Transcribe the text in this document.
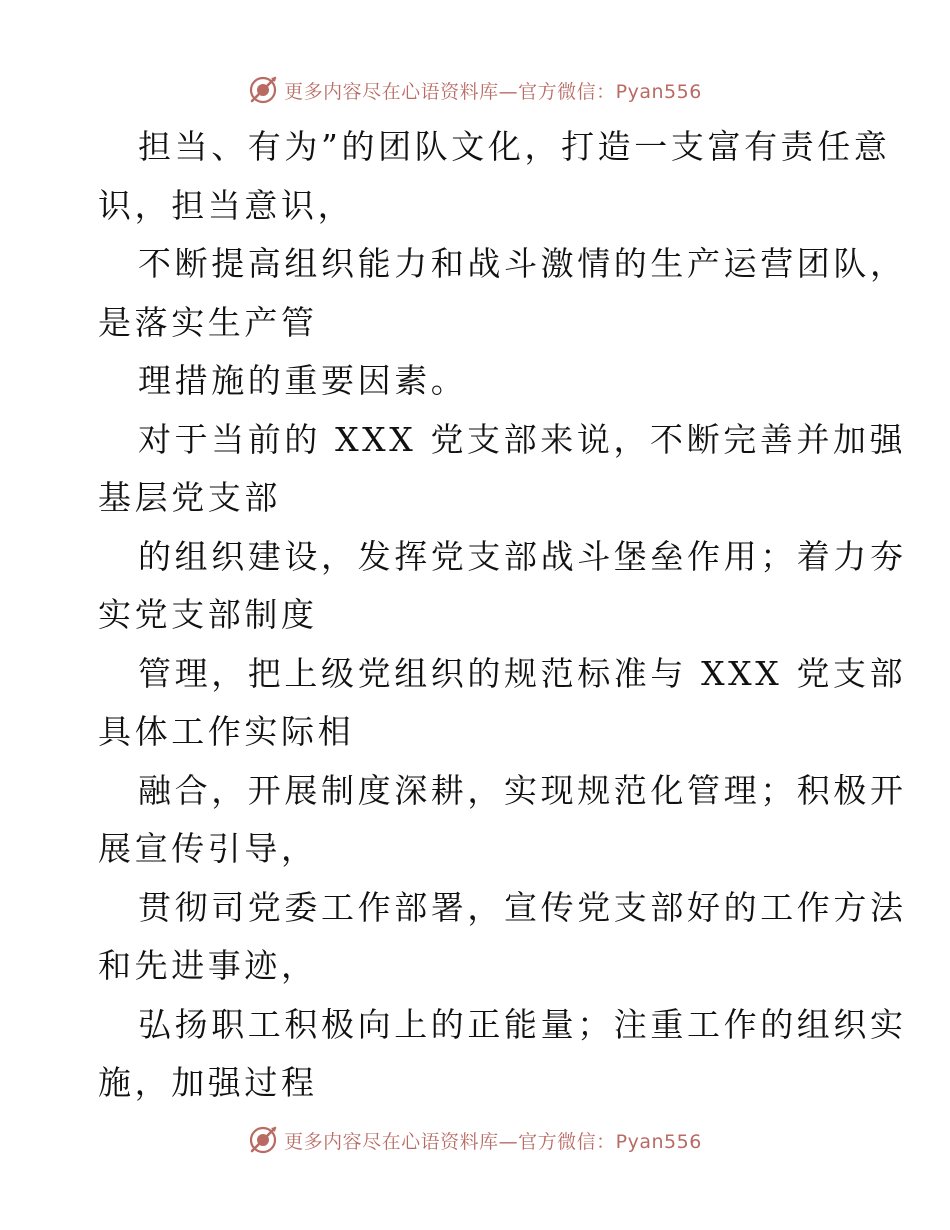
更多内容尽在心语资料库—官方微信：Pyan556
担当、有为”的团队文化，打造一支富有责任意
识，担当意识，
不断提高组织能力和战斗激情的生产运营团队，
是落实生产管
理措施的重要因素。
对于当前的 XXX 党支部来说，不断完善并加强
基层党支部
的组织建设，发挥党支部战斗堡垒作用；着力夯
实党支部制度
管理，把上级党组织的规范标准与 XXX 党支部
具体工作实际相
融合，开展制度深耕，实现规范化管理；积极开
展宣传引导，
贯彻司党委工作部署，宣传党支部好的工作方法
和先进事迹，
弘扬职工积极向上的正能量；注重工作的组织实
施，加强过程
更多内容尽在心语资料库—官方微信：Pyan556
